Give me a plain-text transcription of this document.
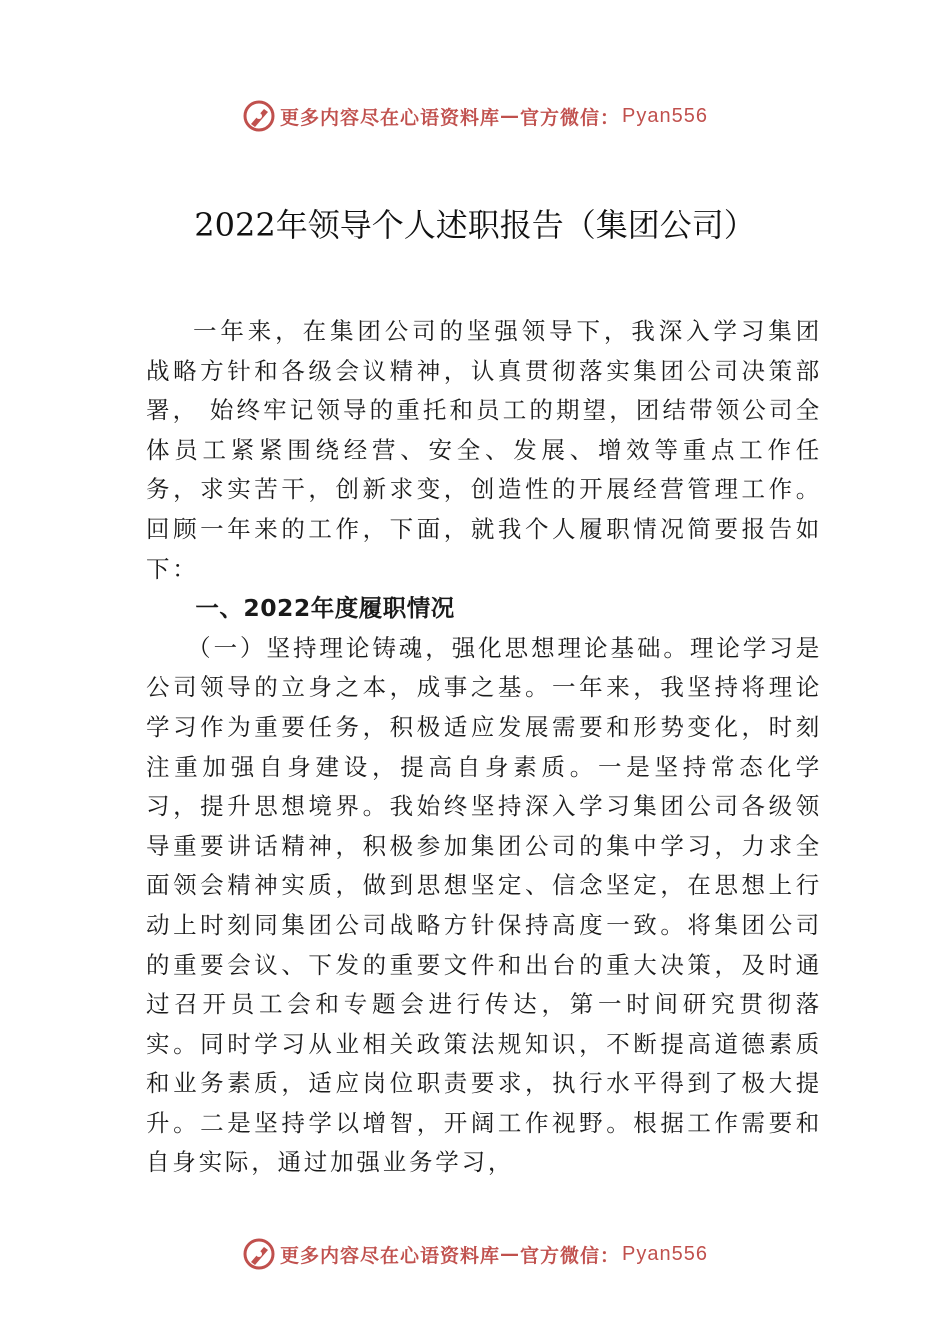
更多内容尽在心语资料库 — 官方微信： Pyan556
2022年领导个人述职报告（集团公司）

一年来，在集团公司的坚强领导下，我深入学习集团战略方针和各级会议精神，认真贯彻落实集团公司决策部署， 始终牢记领导的重托和员工的期望，团结带领公司全体员工紧紧围绕经营、安全、发展、增效等重点工作任务，求实苦干，创新求变，创造性的开展经营管理工作。回顾一年来的工作，下面，就我个人履职情况简要报告如下：

一、2022年度履职情况

（一）坚持理论铸魂，强化思想理论基础。理论学习是公司领导的立身之本，成事之基。一年来，我坚持将理论学习作为重要任务，积极适应发展需要和形势变化，时刻注重加强自身建设，提高自身素质。一是坚持常态化学习，提升思想境界。我始终坚持深入学习集团公司各级领导重要讲话精神，积极参加集团公司的集中学习，力求全面领会精神实质，做到思想坚定、信念坚定，在思想上行动上时刻同集团公司战略方针保持高度一致。将集团公司的重要会议、下发的重要文件和出台的重大决策，及时通过召开员工会和专题会进行传达，第一时间研究贯彻落实。同时学习从业相关政策法规知识，不断提高道德素质和业务素质，适应岗位职责要求，执行水平得到了极大提升。二是坚持学以增智，开阔工作视野。根据工作需要和自身实际，通过加强业务学习，

更多内容尽在心语资料库 — 官方微信： Pyan556
